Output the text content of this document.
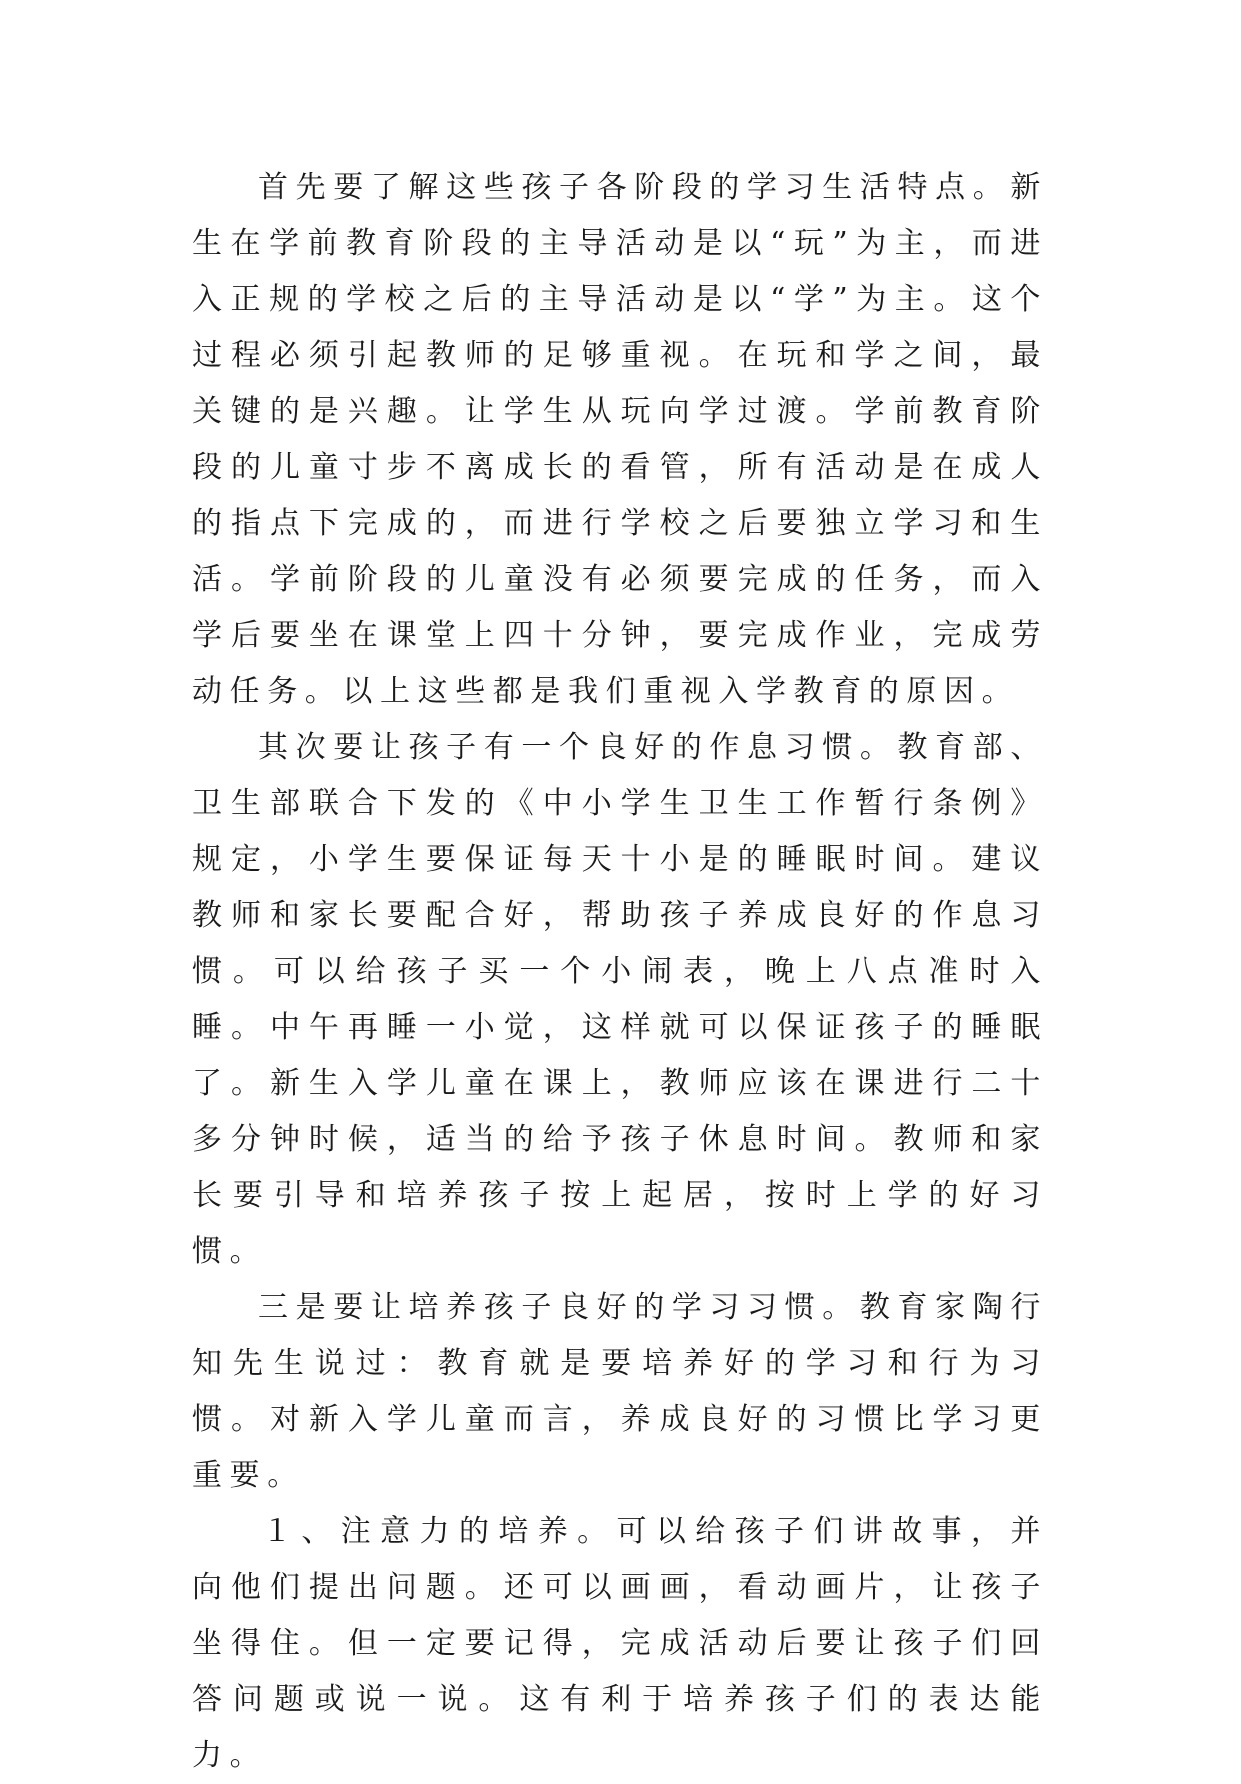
首先要了解这些孩子各阶段的学习生活特点。新生在学前教育阶段的主导活动是以“玩”为主，而进入正规的学校之后的主导活动是以“学”为主。这个过程必须引起教师的足够重视。在玩和学之间，最关键的是兴趣。让学生从玩向学过渡。学前教育阶段的儿童寸步不离成长的看管，所有活动是在成人的指点下完成的，而进行学校之后要独立学习和生活。学前阶段的儿童没有必须要完成的任务，而入学后要坐在课堂上四十分钟，要完成作业，完成劳动任务。以上这些都是我们重视入学教育的原因。

其次要让孩子有一个良好的作息习惯。教育部、卫生部联合下发的《中小学生卫生工作暂行条例》规定，小学生要保证每天十小是的睡眠时间。建议教师和家长要配合好，帮助孩子养成良好的作息习惯。可以给孩子买一个小闹表，晚上八点准时入睡。中午再睡一小觉，这样就可以保证孩子的睡眠了。新生入学儿童在课上，教师应该在课进行二十多分钟时候，适当的给予孩子休息时间。教师和家长要引导和培养孩子按上起居，按时上学的好习惯。

三是要让培养孩子良好的学习习惯。教育家陶行知先生说过：教育就是要培养好的学习和行为习惯。对新入学儿童而言，养成良好的习惯比学习更重要。

１、注意力的培养。可以给孩子们讲故事，并向他们提出问题。还可以画画，看动画片，让孩子坐得住。但一定要记得，完成活动后要让孩子们回答问题或说一说。这有利于培养孩子们的表达能力。
